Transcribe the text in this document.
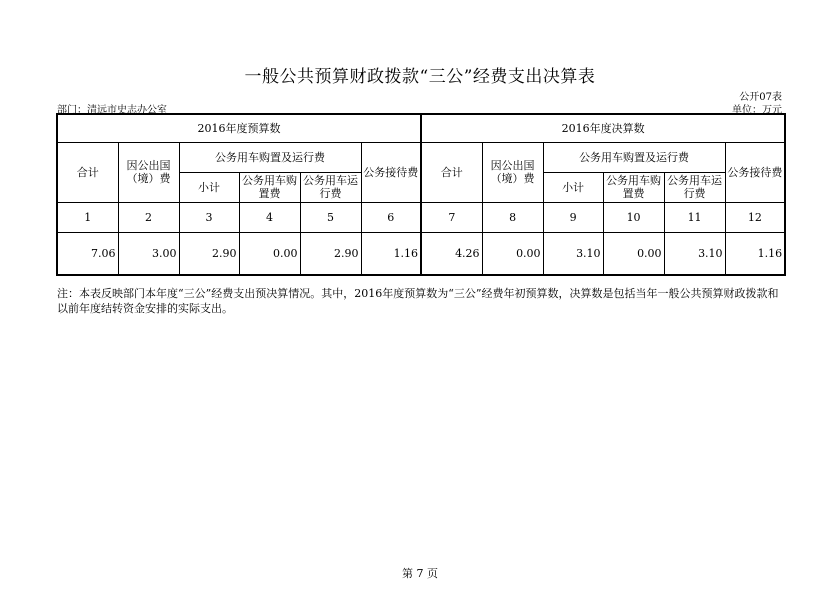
一般公共预算财政拨款“三公”经费支出决算表
公开07表
部门：清远市史志办公室	单位：万元
2016年度预算数						2016年度决算数					
合计	因公出国（境）费	公务用车购置及运行费			公务接待费	合计	因公出国（境）费	公务用车购置及运行费			公务接待费
		小计	公务用车购置费	公务用车运行费				小计	公务用车购置费	公务用车运行费	
1	2	3	4	5	6	7	8	9	10	11	12
7.06	3.00	2.90	0.00	2.90	1.16	4.26	0.00	3.10	0.00	3.10	1.16
注：本表反映部门本年度“三公”经费支出预决算情况。其中，2016年度预算数为“三公”经费年初预算数，决算数是包括当年一般公共预算财政拨款和以前年度结转资金安排的实际支出。
第 7 页
